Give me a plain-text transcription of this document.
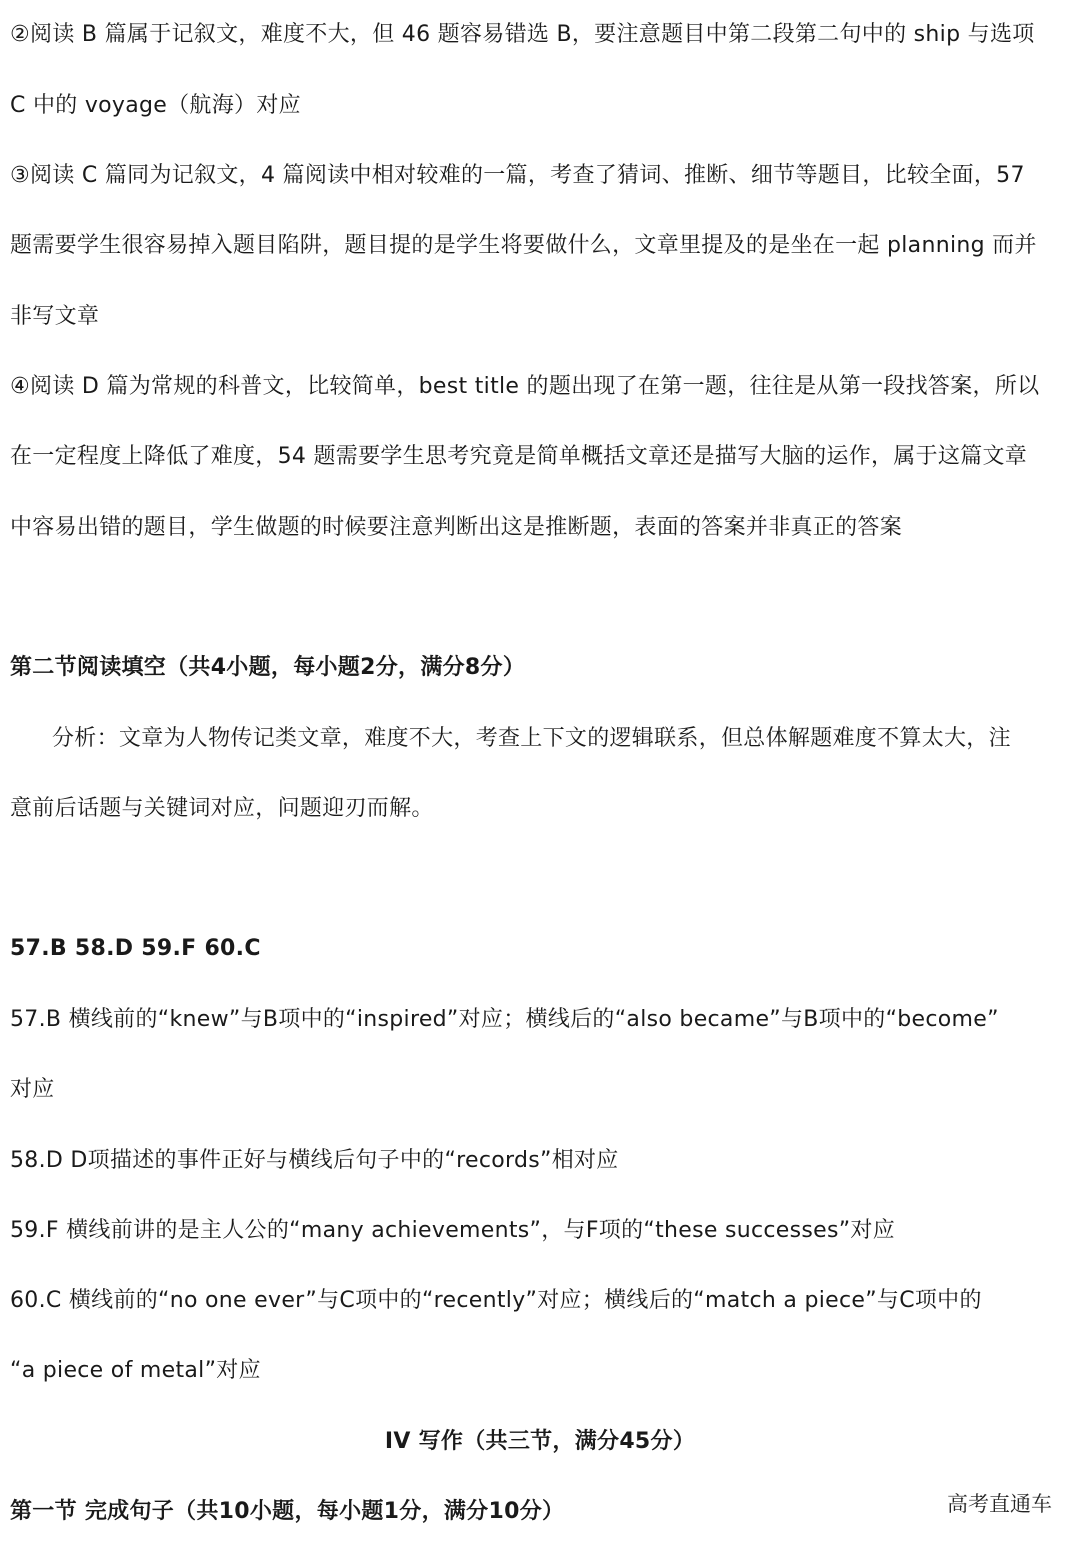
②阅读 B 篇属于记叙文，难度不大，但 46 题容易错选 B，要注意题目中第二段第二句中的 ship 与选项
C 中的 voyage（航海）对应
③阅读 C 篇同为记叙文，4 篇阅读中相对较难的一篇，考查了猜词、推断、细节等题目，比较全面，57
题需要学生很容易掉入题目陷阱，题目提的是学生将要做什么，文章里提及的是坐在一起 planning 而并
非写文章
④阅读 D 篇为常规的科普文，比较简单，best title 的题出现了在第一题，往往是从第一段找答案，所以
在一定程度上降低了难度，54 题需要学生思考究竟是简单概括文章还是描写大脑的运作，属于这篇文章
中容易出错的题目，学生做题的时候要注意判断出这是推断题，表面的答案并非真正的答案
第二节阅读填空（共4小题，每小题2分，满分8分）
分析：文章为人物传记类文章，难度不大，考查上下文的逻辑联系，但总体解题难度不算太大，注
意前后话题与关键词对应，问题迎刃而解。
57.B 58.D 59.F 60.C
57.B 横线前的“knew”与B项中的“inspired”对应；横线后的“also became”与B项中的“become”
对应
58.D D项描述的事件正好与横线后句子中的“records”相对应
59.F 横线前讲的是主人公的“many achievements”，与F项的“these successes”对应
60.C 横线前的“no one ever”与C项中的“recently”对应；横线后的“match a piece”与C项中的
“a piece of metal”对应
IV 写作（共三节，满分45分）
第一节 完成句子（共10小题，每小题1分，满分10分）	高考直通车
